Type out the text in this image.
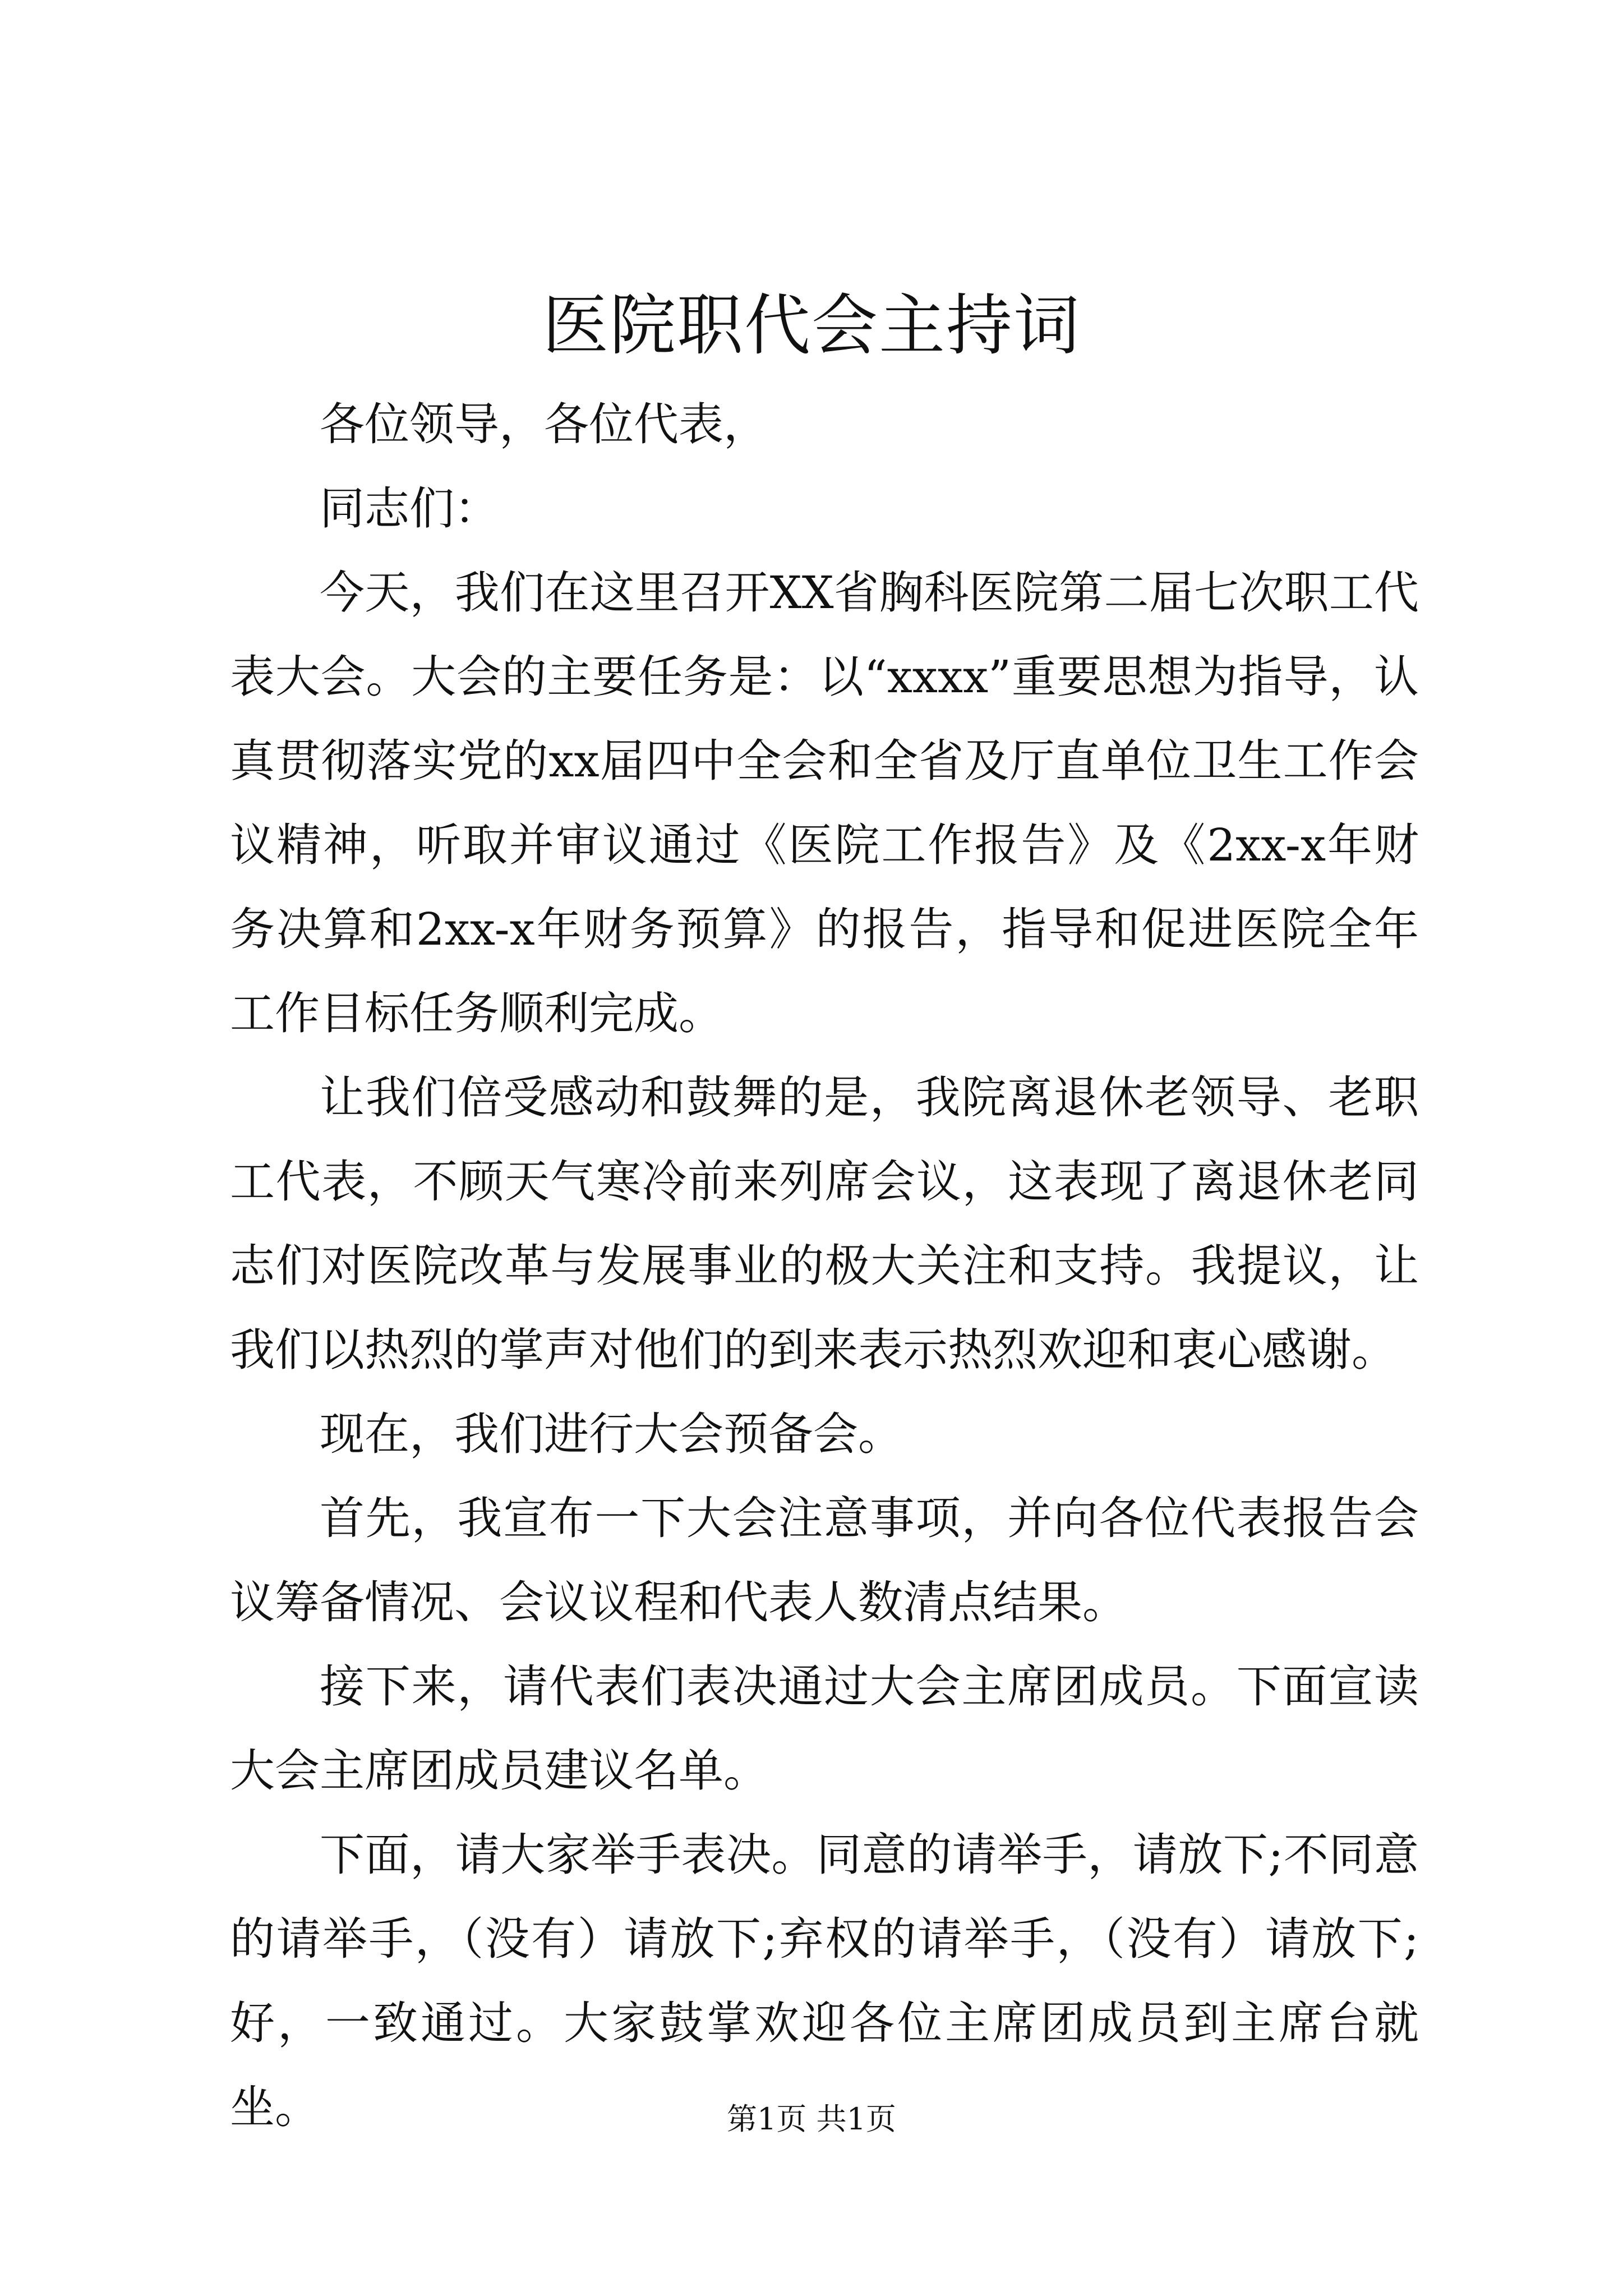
医院职代会主持词

各位领导，各位代表，

同志们：

今天，我们在这里召开XX省胸科医院第二届七次职工代表大会。大会的主要任务是：以“xxxx”重要思想为指导，认真贯彻落实党的xx届四中全会和全省及厅直单位卫生工作会议精神，听取并审议通过《医院工作报告》及《2xx-x年财务决算和2xx-x年财务预算》的报告，指导和促进医院全年工作目标任务顺利完成。

让我们倍受感动和鼓舞的是，我院离退休老领导、老职工代表，不顾天气寒冷前来列席会议，这表现了离退休老同志们对医院改革与发展事业的极大关注和支持。我提议，让我们以热烈的掌声对他们的到来表示热烈欢迎和衷心感谢。

现在，我们进行大会预备会。

首先，我宣布一下大会注意事项，并向各位代表报告会议筹备情况、会议议程和代表人数清点结果。

接下来，请代表们表决通过大会主席团成员。下面宣读大会主席团成员建议名单。

下面，请大家举手表决。同意的请举手，请放下;不同意的请举手，（没有）请放下;弃权的请举手，（没有）请放下;好，一致通过。大家鼓掌欢迎各位主席团成员到主席台就坐。	第1页 共1页
